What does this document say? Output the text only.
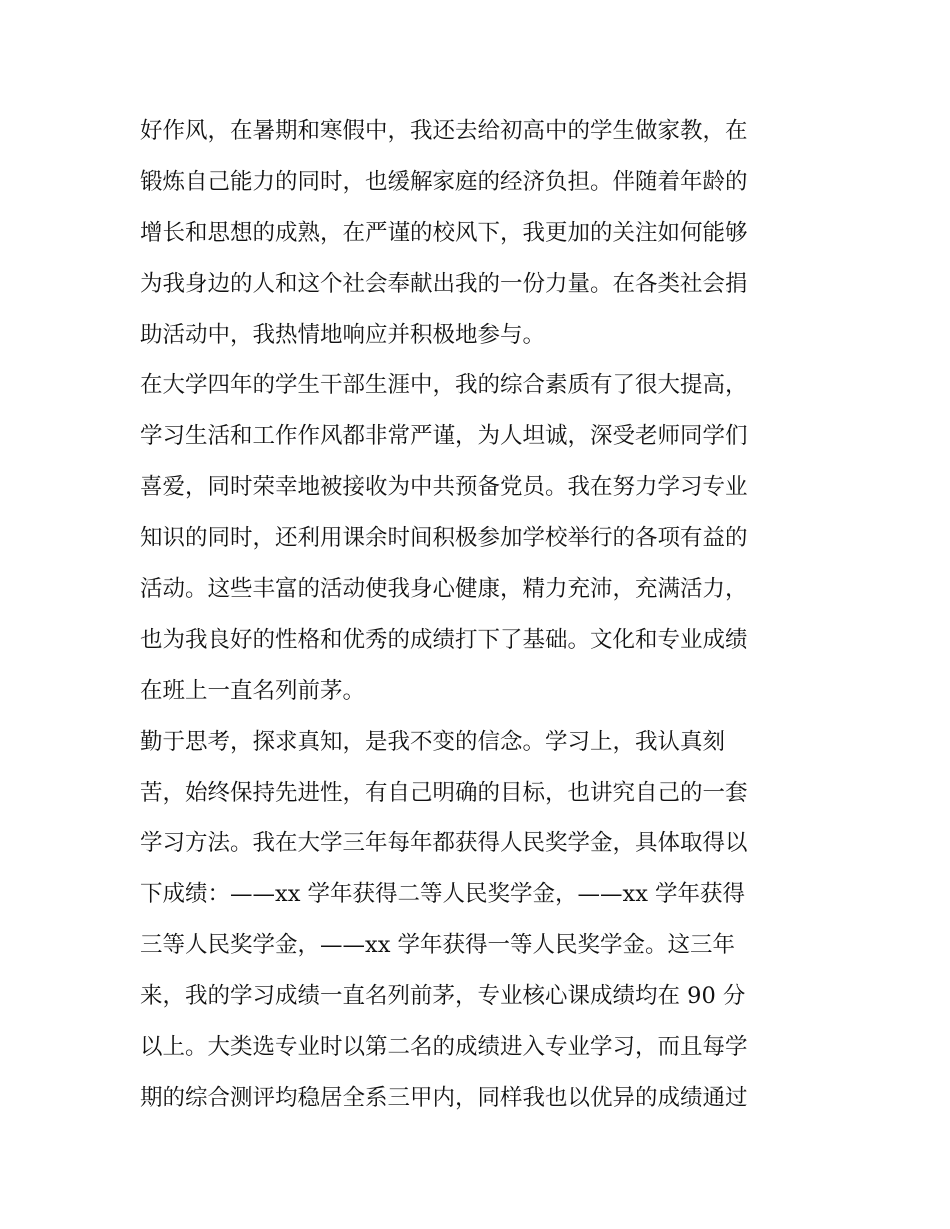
好作风，在暑期和寒假中，我还去给初高中的学生做家教，在
锻炼自己能力的同时，也缓解家庭的经济负担。伴随着年龄的
增长和思想的成熟，在严谨的校风下，我更加的关注如何能够
为我身边的人和这个社会奉献出我的一份力量。在各类社会捐
助活动中，我热情地响应并积极地参与。
在大学四年的学生干部生涯中，我的综合素质有了很大提高，
学习生活和工作作风都非常严谨，为人坦诚，深受老师同学们
喜爱，同时荣幸地被接收为中共预备党员。我在努力学习专业
知识的同时，还利用课余时间积极参加学校举行的各项有益的
活动。这些丰富的活动使我身心健康，精力充沛，充满活力，
也为我良好的性格和优秀的成绩打下了基础。文化和专业成绩
在班上一直名列前茅。
勤于思考，探求真知，是我不变的信念。学习上，我认真刻
苦，始终保持先进性，有自己明确的目标，也讲究自己的一套
学习方法。我在大学三年每年都获得人民奖学金，具体取得以
下成绩：——xx 学年获得二等人民奖学金，——xx 学年获得
三等人民奖学金，——xx 学年获得一等人民奖学金。这三年
来，我的学习成绩一直名列前茅，专业核心课成绩均在 90 分
以上。大类选专业时以第二名的成绩进入专业学习，而且每学
期的综合测评均稳居全系三甲内，同样我也以优异的成绩通过
